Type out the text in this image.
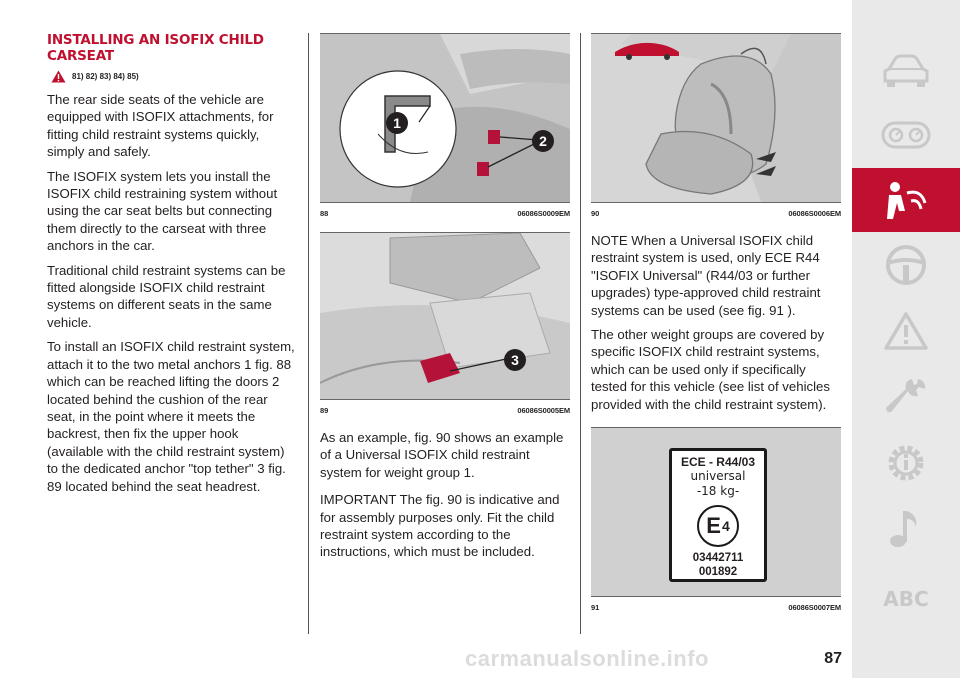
INSTALLING AN ISOFIX CHILD CARSEAT
81) 82) 83) 84) 85)

The rear side seats of the vehicle are equipped with ISOFIX attachments, for fitting child restraint systems quickly, simply and safely.

The ISOFIX system lets you install the ISOFIX child restraining system without using the car seat belts but connecting them directly to the carseat with three anchors in the car.

Traditional child restraint systems can be fitted alongside ISOFIX child restraint systems on different seats in the same vehicle.

To install an ISOFIX child restraint system, attach it to the two metal anchors 1 fig. 88 which can be reached lifting the doors 2 located behind the cushion of the rear seat, in the point where it meets the backrest, then fix the upper hook (available with the child restraint system) to the dedicated anchor "top tether" 3 fig. 89 located behind the seat headrest.

1
2
88	06086S0009EM
3
89	06086S0005EM

As an example, fig. 90 shows an example of a Universal ISOFIX child restraint system for weight group 1.

IMPORTANT The fig. 90 is indicative and for assembly purposes only. Fit the child restraint system according to the instructions, which must be included.

90	06086S0006EM

NOTE When a Universal ISOFIX child restraint system is used, only ECE R44 "ISOFIX Universal" (R44/03 or further upgrades) type-approved child restraint systems can be used (see fig. 91 ).

The other weight groups are covered by specific ISOFIX child restraint systems, which can be used only if specifically tested for this vehicle (see list of vehicles provided with the child restraint system).

ECE - R44/03
universal
-18 kg-
E 4
03442711
001892
91	06086S0007EM ABC
carmanualsonline.info	87
